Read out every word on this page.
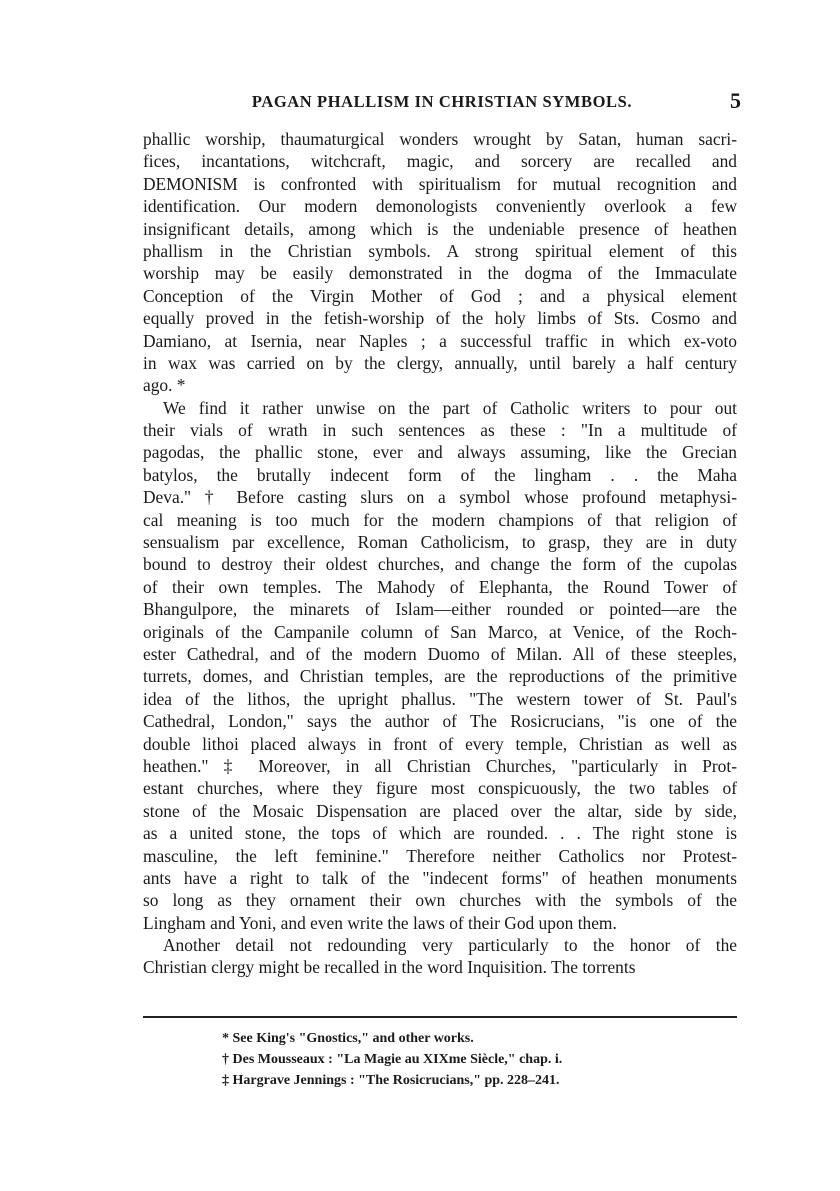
PAGAN PHALLISM IN CHRISTIAN SYMBOLS.	5
phallic worship, thaumaturgical wonders wrought by Satan, human sacri-
fices, incantations, witchcraft, magic, and sorcery are recalled and
DEMONISM is confronted with spiritualism for mutual recognition and
identification. Our modern demonologists conveniently overlook a few
insignificant details, among which is the undeniable presence of heathen
phallism in the Christian symbols. A strong spiritual element of this
worship may be easily demonstrated in the dogma of the Immaculate
Conception of the Virgin Mother of God ; and a physical element
equally proved in the fetish-worship of the holy limbs of Sts. Cosmo and
Damiano, at Isernia, near Naples ; a successful traffic in which ex-voto
in wax was carried on by the clergy, annually, until barely a half century
ago. *
We find it rather unwise on the part of Catholic writers to pour out
their vials of wrath in such sentences as these : "In a multitude of
pagodas, the phallic stone, ever and always assuming, like the Grecian
batylos, the brutally indecent form of the lingham . . the Maha
Deva." † Before casting slurs on a symbol whose profound metaphysi-
cal meaning is too much for the modern champions of that religion of
sensualism par excellence, Roman Catholicism, to grasp, they are in duty
bound to destroy their oldest churches, and change the form of the cupolas
of their own temples. The Mahody of Elephanta, the Round Tower of
Bhangulpore, the minarets of Islam—either rounded or pointed—are the
originals of the Campanile column of San Marco, at Venice, of the Roch-
ester Cathedral, and of the modern Duomo of Milan. All of these steeples,
turrets, domes, and Christian temples, are the reproductions of the primitive
idea of the lithos, the upright phallus. "The western tower of St. Paul's
Cathedral, London," says the author of The Rosicrucians, "is one of the
double lithoi placed always in front of every temple, Christian as well as
heathen." ‡ Moreover, in all Christian Churches, "particularly in Prot-
estant churches, where they figure most conspicuously, the two tables of
stone of the Mosaic Dispensation are placed over the altar, side by side,
as a united stone, the tops of which are rounded. . . The right stone is
masculine, the left feminine." Therefore neither Catholics nor Protest-
ants have a right to talk of the "indecent forms" of heathen monuments
so long as they ornament their own churches with the symbols of the
Lingham and Yoni, and even write the laws of their God upon them.
Another detail not redounding very particularly to the honor of the
Christian clergy might be recalled in the word Inquisition. The torrents
* See King's "Gnostics," and other works.
† Des Mousseaux : "La Magie au XIXme Siècle," chap. i.
‡ Hargrave Jennings : "The Rosicrucians," pp. 228–241.
